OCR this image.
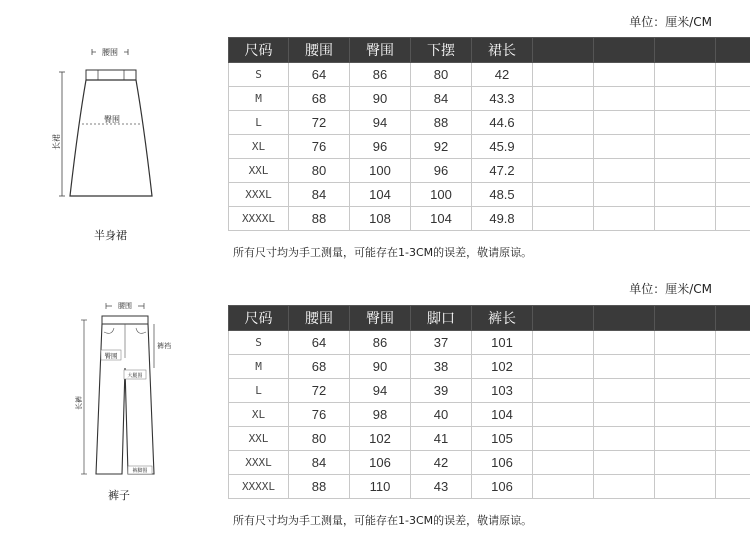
单位：厘米/CM
腰围
臀围
长裙
半身裙
尺码	腰围	臀围	下摆	裙长				
S	64	86	80	42				
M	68	90	84	43.3				
L	72	94	88	44.6				
XL	76	96	92	45.9				
XXL	80	100	96	47.2				
XXXL	84	104	100	48.5				
XXXXL	88	108	104	49.8				
所有尺寸均为手工测量，可能存在1-3CM的误差，敬请原谅。
单位：厘米/CM
腰围
臀围
大腿围
裤裆
长裤
裤脚围
裤子
尺码	腰围	臀围	脚口	裤长				
S	64	86	37	101				
M	68	90	38	102				
L	72	94	39	103				
XL	76	98	40	104				
XXL	80	102	41	105				
XXXL	84	106	42	106				
XXXXL	88	110	43	106				
所有尺寸均为手工测量，可能存在1-3CM的误差，敬请原谅。
